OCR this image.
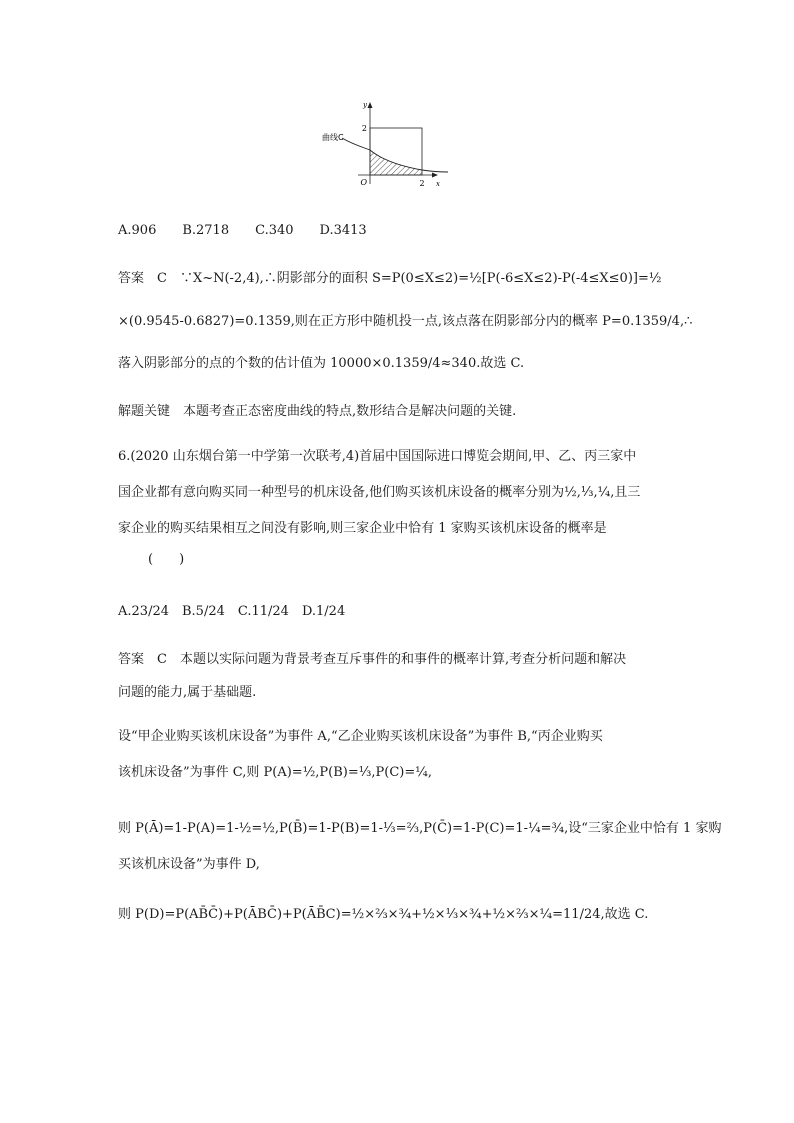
y
2
O	2 x
曲线C
A.906　　B.2718　　C.340　　D.3413
答案　C　∵X~N(-2,4),∴阴影部分的面积 S=P(0≤X≤2)=½[P(-6≤X≤2)-P(-4≤X≤0)]=½
×(0.9545-0.6827)=0.1359,则在正方形中随机投一点,该点落在阴影部分内的概率 P=0.1359/4,∴
落入阴影部分的点的个数的估计值为 10000×0.1359/4≈340.故选 C.
解题关键　本题考查正态密度曲线的特点,数形结合是解决问题的关键.
6.(2020 山东烟台第一中学第一次联考,4)首届中国国际进口博览会期间,甲、乙、丙三家中
国企业都有意向购买同一种型号的机床设备,他们购买该机床设备的概率分别为½,⅓,¼,且三
家企业的购买结果相互之间没有影响,则三家企业中恰有 1 家购买该机床设备的概率是
(　　)
A.23/24　B.5/24　C.11/24　D.1/24
答案　C　本题以实际问题为背景考查互斥事件的和事件的概率计算,考查分析问题和解决
问题的能力,属于基础题.
设“甲企业购买该机床设备”为事件 A,“乙企业购买该机床设备”为事件 B,“丙企业购买
该机床设备”为事件 C,则 P(A)=½,P(B)=⅓,P(C)=¼,
则 P(Ā)=1-P(A)=1-½=½,P(B̄)=1-P(B)=1-⅓=⅔,P(C̄)=1-P(C)=1-¼=¾,设“三家企业中恰有 1 家购
买该机床设备”为事件 D,
则 P(D)=P(AB̄C̄)+P(ĀBC̄)+P(ĀB̄C)=½×⅔×¾+½×⅓×¾+½×⅔×¼=11/24,故选 C.
